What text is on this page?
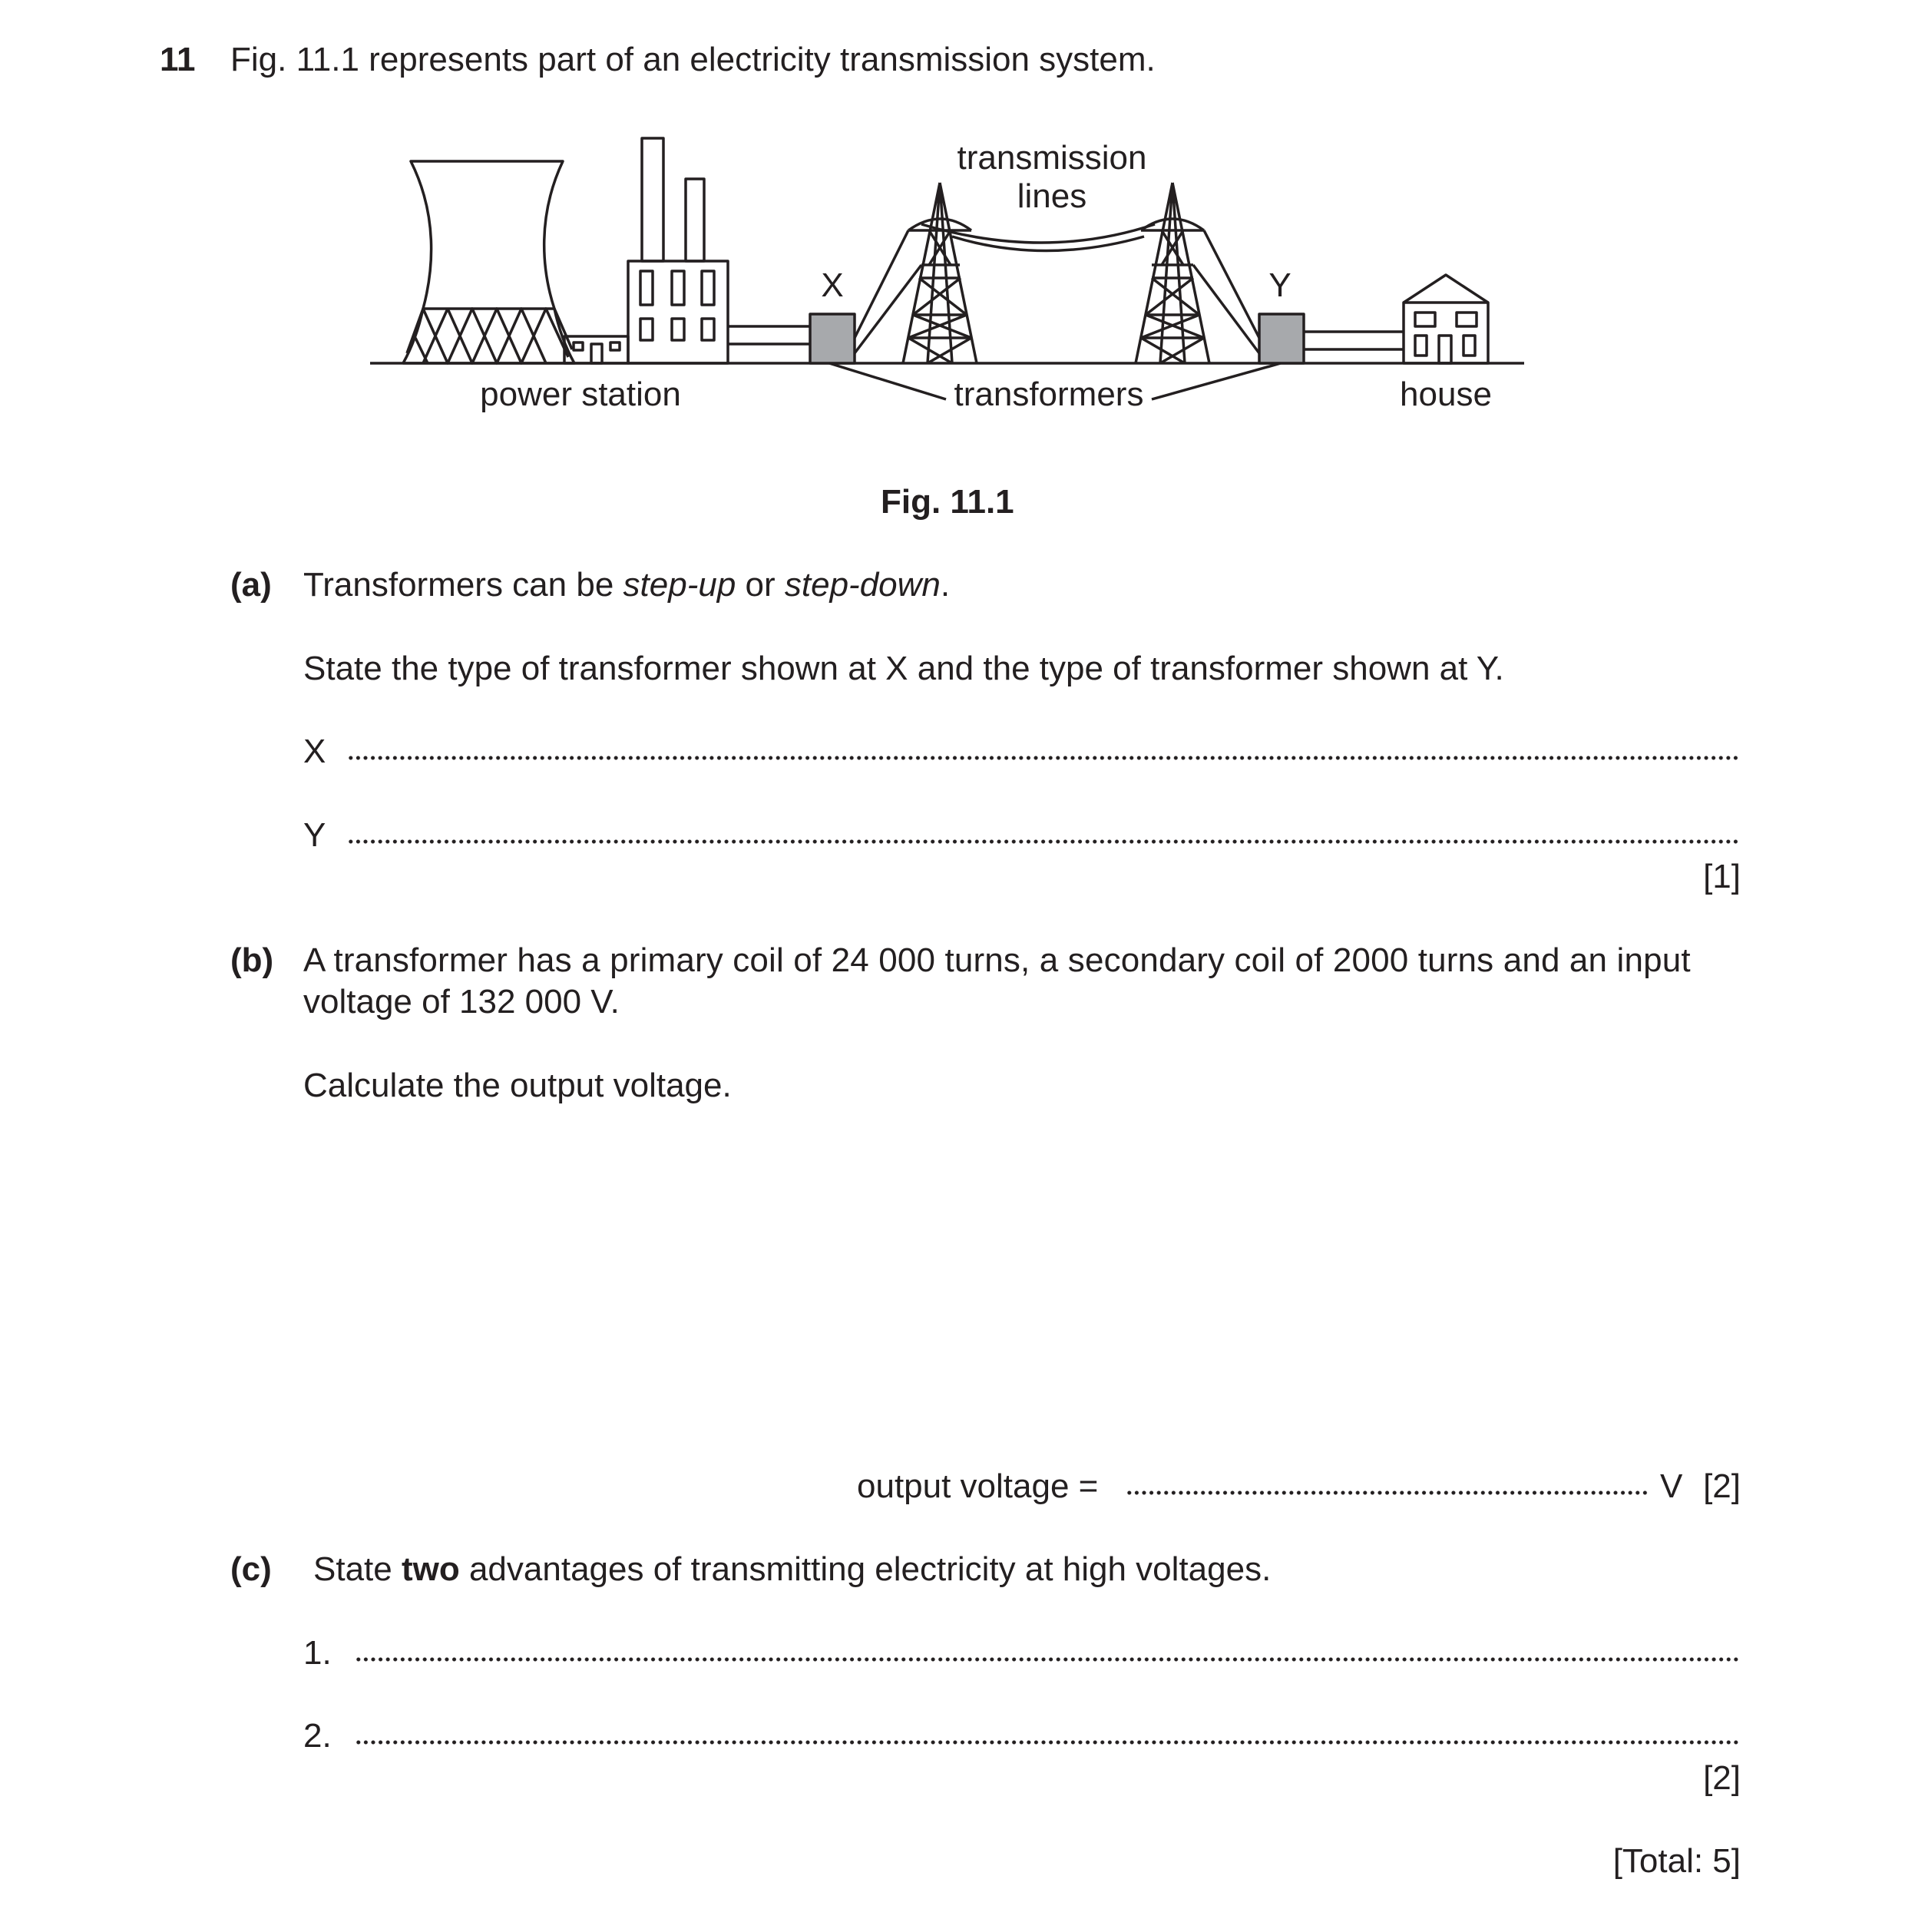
11 Fig. 11.1 represents part of an electricity transmission system.
transmission
lines
X	Y
power station	transformers	house
Fig. 11.1
(a) Transformers can be step-up or step-down.
State the type of transformer shown at X and the type of transformer shown at Y.
X
Y
[1]
(b) A transformer has a primary coil of 24 000 turns, a secondary coil of 2000 turns and an input
voltage of 132 000 V.
Calculate the output voltage.
output voltage =	V [2]
(c) State two advantages of transmitting electricity at high voltages.
1.
2.
[2]
[Total: 5]
